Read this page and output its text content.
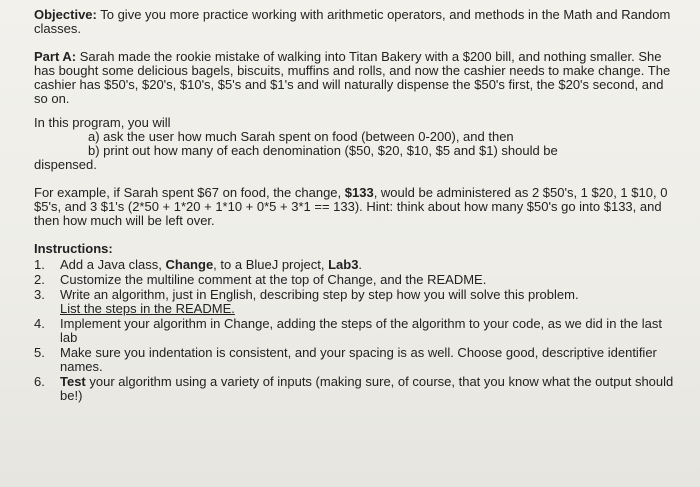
Objective: To give you more practice working with arithmetic operators, and methods in the Math and Random classes.

Part A: Sarah made the rookie mistake of walking into Titan Bakery with a $200 bill, and nothing smaller. She has bought some delicious bagels, biscuits, muffins and rolls, and now the cashier needs to make change. The cashier has $50's, $20's, $10's, $5's and $1's and will naturally dispense the $50's first, the $20's second, and so on.

In this program, you will
a) ask the user how much Sarah spent on food (between 0-200), and then
b) print out how many of each denomination ($50, $20, $10, $5 and $1) should be
dispensed.

For example, if Sarah spent $67 on food, the change, $133, would be administered as 2 $50's, 1 $20, 1 $10, 0 $5's, and 3 $1's (2*50 + 1*20 + 1*10 + 0*5 + 3*1 == 133). Hint: think about how many $50's go into $133, and then how much will be left over.

Instructions:
1.	Add a Java class, Change, to a BlueJ project, Lab3.
2.	Customize the multiline comment at the top of Change, and the README.
3.	Write an algorithm, just in English, describing step by step how you will solve this problem.
List the steps in the README.
4.	Implement your algorithm in Change, adding the steps of the algorithm to your code, as we did in the last lab
5.	Make sure you indentation is consistent, and your spacing is as well. Choose good, descriptive identifier names.
6.	Test your algorithm using a variety of inputs (making sure, of course, that you know what the output should be!)
